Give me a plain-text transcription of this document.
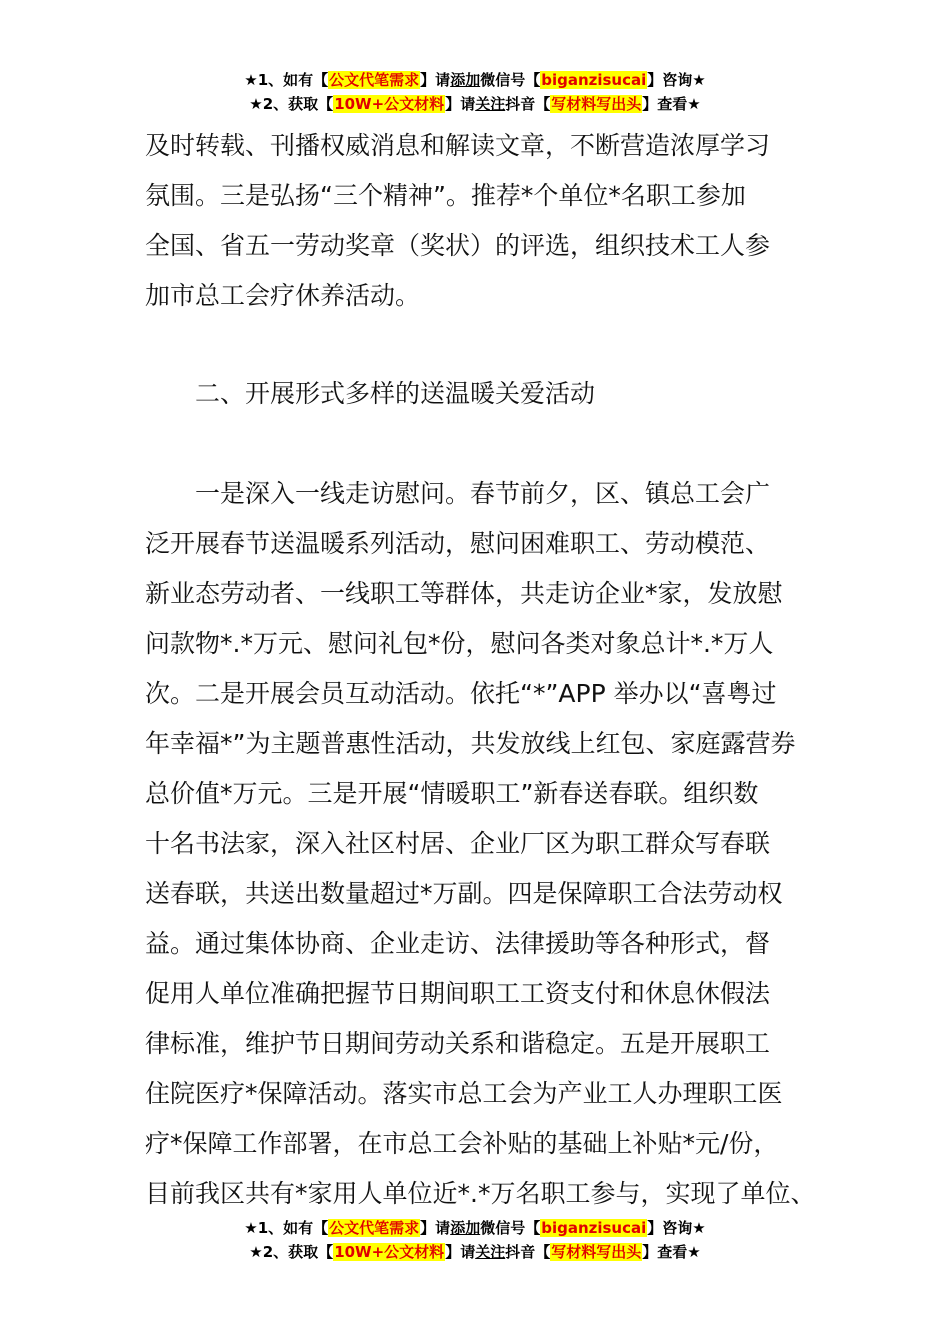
★1、如有【公文代笔需求】请添加微信号【biganzisucai】咨询★
★2、获取【10W+公文材料】请关注抖音【写材料写出头】查看★
及时转载、刊播权威消息和解读文章，不断营造浓厚学习
氛围。三是弘扬“三个精神”。推荐*个单位*名职工参加
全国、省五一劳动奖章（奖状）的评选，组织技术工人参
加市总工会疗休养活动。
二、开展形式多样的送温暖关爱活动
一是深入一线走访慰问。春节前夕，区、镇总工会广
泛开展春节送温暖系列活动，慰问困难职工、劳动模范、
新业态劳动者、一线职工等群体，共走访企业*家，发放慰
问款物*.*万元、慰问礼包*份，慰问各类对象总计*.*万人
次。二是开展会员互动活动。依托“*”APP 举办以“喜粤过
年幸福*”为主题普惠性活动，共发放线上红包、家庭露营券
总价值*万元。三是开展“情暖职工”新春送春联。组织数
十名书法家，深入社区村居、企业厂区为职工群众写春联
送春联，共送出数量超过*万副。四是保障职工合法劳动权
益。通过集体协商、企业走访、法律援助等各种形式，督
促用人单位准确把握节日期间职工工资支付和休息休假法
律标准，维护节日期间劳动关系和谐稳定。五是开展职工
住院医疗*保障活动。落实市总工会为产业工人办理职工医
疗*保障工作部署，在市总工会补贴的基础上补贴*元/份，
目前我区共有*家用人单位近*.*万名职工参与，实现了单位、
★1、如有【公文代笔需求】请添加微信号【biganzisucai】咨询★
★2、获取【10W+公文材料】请关注抖音【写材料写出头】查看★
